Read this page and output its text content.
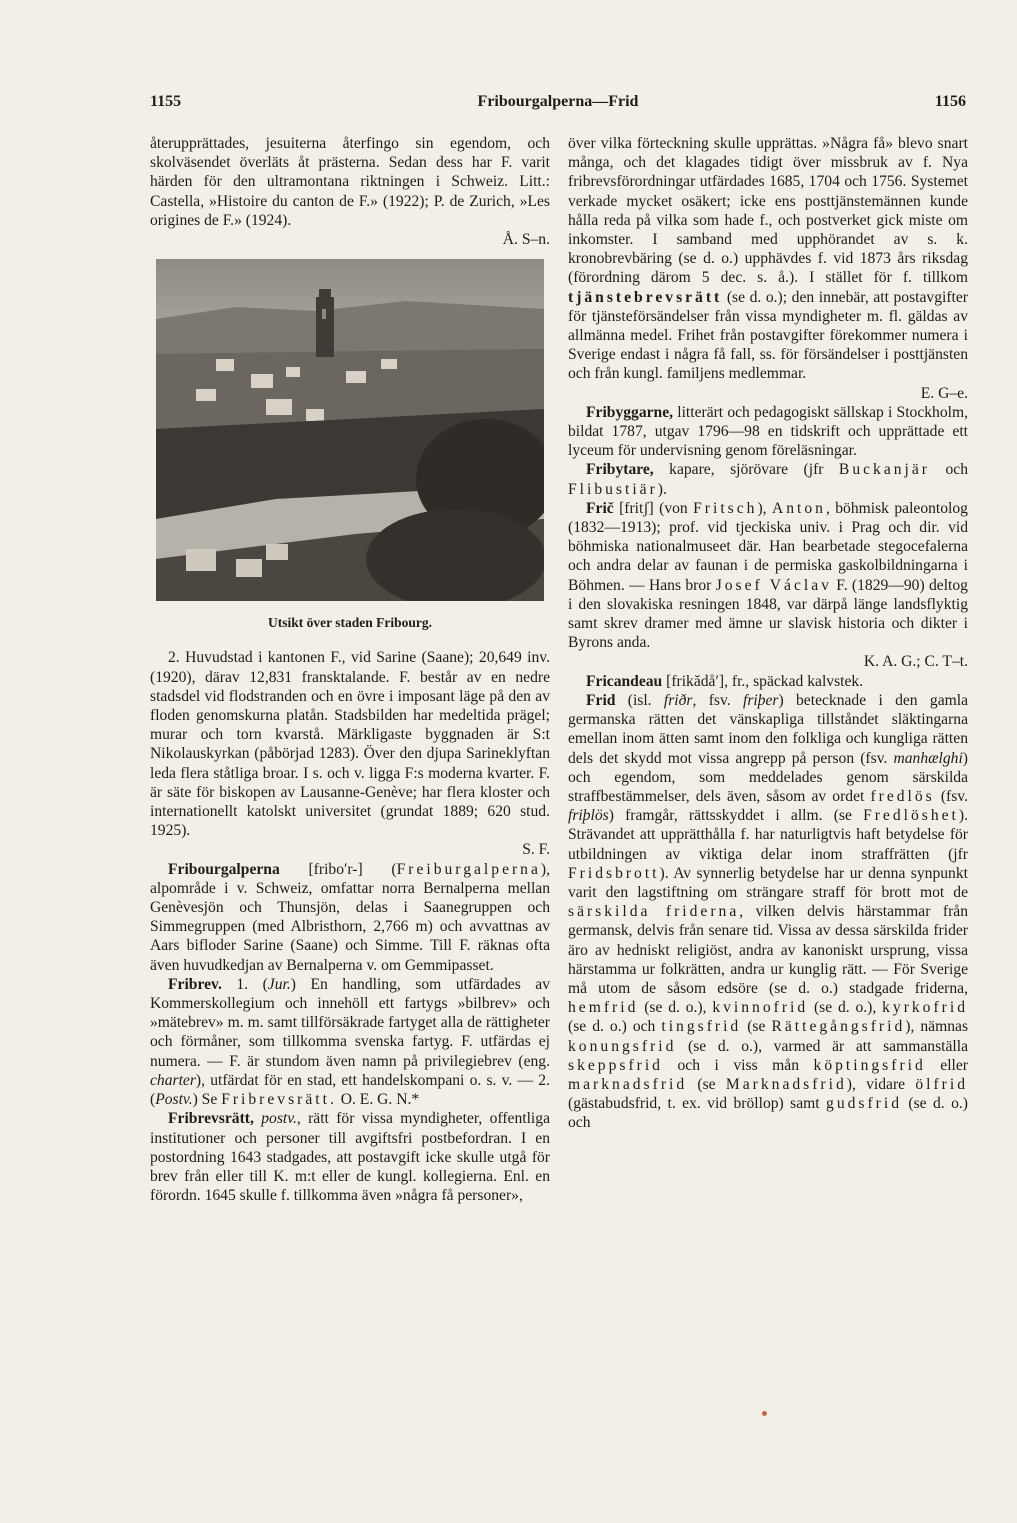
1155	Fribourgalperna—Frid	1156

återupprättades, jesuiterna återfingo sin egendom, och skolväsendet överläts åt prästerna. Sedan dess har F. varit härden för den ultramontana riktningen i Schweiz. Litt.: Castella, »Histoire du canton de F.» (1922); P. de Zurich, »Les origines de F.» (1924).
Å. S–n.

Utsikt över staden Fribourg.

2. Huvudstad i kantonen F., vid Sarine (Saane); 20,649 inv. (1920), därav 12,831 fransktalande. F. består av en nedre stadsdel vid flodstranden och en övre i imposant läge på den av floden genomskurna platån. Stadsbilden har medeltida prägel; murar och torn kvarstå. Märkligaste byggnaden är S:t Nikolauskyrkan (påbörjad 1283). Över den djupa Sarineklyftan leda flera ståtliga broar. I s. och v. ligga F:s moderna kvarter. F. är säte för biskopen av Lausanne-Genève; har flera kloster och internationellt katolskt universitet (grundat 1889; 620 stud. 1925).
S. F.

Fribourgalperna [fribo′r-] (Freiburgalperna), alpområde i v. Schweiz, omfattar norra Bernalperna mellan Genèvesjön och Thunsjön, delas i Saanegruppen och Simmegruppen (med Albristhorn, 2,766 m) och avvattnas av Aars bifloder Sarine (Saane) och Simme. Till F. räknas ofta även huvudkedjan av Bernalperna v. om Gemmipasset.

Fribrev. 1. (Jur.) En handling, som utfärdades av Kommerskollegium och innehöll ett fartygs »bilbrev» och »mätebrev» m. m. samt tillförsäkrade fartyget alla de rättigheter och förmåner, som tillkomma svenska fartyg. F. utfärdas ej numera. — F. är stundom även namn på privilegiebrev (eng. charter), utfärdat för en stad, ett handelskompani o. s. v. — 2. (Postv.) Se Fribrevsrätt. O. E. G. N.*

Fribrevsrätt, postv., rätt för vissa myndigheter, offentliga institutioner och personer till avgiftsfri postbefordran. I en postordning 1643 stadgades, att postavgift icke skulle utgå för brev från eller till K. m:t eller de kungl. kollegierna. Enl. en förordn. 1645 skulle f. tillkomma även »några få personer»,

över vilka förteckning skulle upprättas. »Några få» blevo snart många, och det klagades tidigt över missbruk av f. Nya fribrevsförordningar utfärdades 1685, 1704 och 1756. Systemet verkade mycket osäkert; icke ens posttjänstemännen kunde hålla reda på vilka som hade f., och postverket gick miste om inkomster. I samband med upphörandet av s. k. kronobrevbäring (se d. o.) upphävdes f. vid 1873 års riksdag (förordning därom 5 dec. s. å.). I stället för f. tillkom tjänstebrevsrätt (se d. o.); den innebär, att postavgifter för tjänsteförsändelser från vissa myndigheter m. fl. gäldas av allmänna medel. Frihet från postavgifter förekommer numera i Sverige endast i några få fall, ss. för försändelser i posttjänsten och från kungl. familjens medlemmar.
E. G–e.

Fribyggarne, litterärt och pedagogiskt sällskap i Stockholm, bildat 1787, utgav 1796—98 en tidskrift och upprättade ett lyceum för undervisning genom föreläsningar.

Fribytare, kapare, sjörövare (jfr Buckanjär och Flibustiär).

Frič [fritʃ] (von Fritsch), Anton, böhmisk paleontolog (1832—1913); prof. vid tjeckiska univ. i Prag och dir. vid böhmiska nationalmuseet där. Han bearbetade stegocefalerna och andra delar av faunan i de permiska gaskolbildningarna i Böhmen. — Hans bror Josef Václav F. (1829—90) deltog i den slovakiska resningen 1848, var därpå länge landsflyktig samt skrev dramer med ämne ur slavisk historia och dikter i Byrons anda.
K. A. G.; C. T–t.

Fricandeau [frikădå′], fr., späckad kalvstek.

Frid (isl. friðr, fsv. friþer) betecknade i den gamla germanska rätten det vänskapliga tillståndet släktingarna emellan inom ätten samt inom den folkliga och kungliga rätten dels det skydd mot vissa angrepp på person (fsv. manhælghi) och egendom, som meddelades genom särskilda straffbestämmelser, dels även, såsom av ordet fredlös (fsv. friþlös) framgår, rättsskyddet i allm. (se Fredlöshet). Strävandet att upprätthålla f. har naturligtvis haft betydelse för utbildningen av viktiga delar inom straffrätten (jfr Fridsbrott). Av synnerlig betydelse har ur denna synpunkt varit den lagstiftning om strängare straff för brott mot de särskilda friderna, vilken delvis härstammar från germansk, delvis från senare tid. Vissa av dessa särskilda frider äro av hedniskt religiöst, andra av kanoniskt ursprung, vissa härstamma ur folkrätten, andra ur kunglig rätt. — För Sverige må utom de såsom edsöre (se d. o.) stadgade friderna, hemfrid (se d. o.), kvinnofrid (se d. o.), kyrkofrid (se d. o.) och tingsfrid (se Rättegångsfrid), nämnas konungsfrid (se d. o.), varmed är att sammanställa skeppsfrid och i viss mån köptingsfrid eller marknadsfrid (se Marknadsfrid), vidare ölfrid (gästabudsfrid, t. ex. vid bröllop) samt gudsfrid (se d. o.) och
